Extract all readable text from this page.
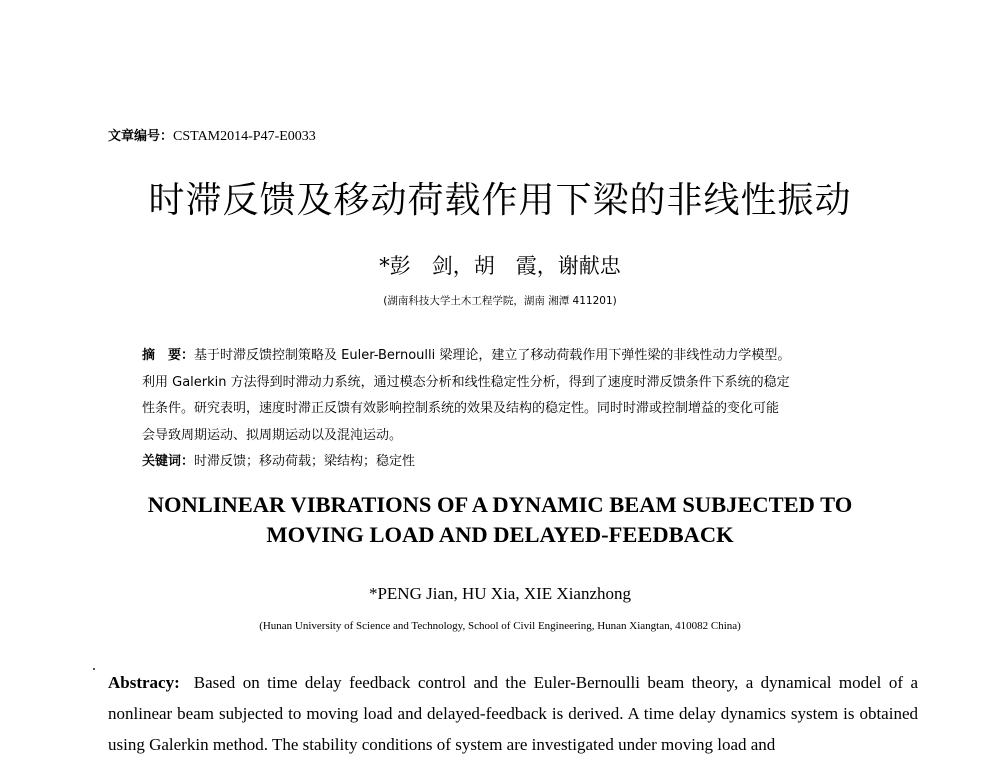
文章编号：CSTAM2014-P47-E0033
时滞反馈及移动荷载作用下梁的非线性振动
*彭　剑，胡　霞，谢献忠
(湖南科技大学土木工程学院，湖南 湘潭 411201)
摘　要：基于时滞反馈控制策略及 Euler-Bernoulli 梁理论，建立了移动荷载作用下弹性梁的非线性动力学模型。
利用 Galerkin 方法得到时滞动力系统，通过模态分析和线性稳定性分析，得到了速度时滞反馈条件下系统的稳定
性条件。研究表明，速度时滞正反馈有效影响控制系统的效果及结构的稳定性。同时时滞或控制增益的变化可能
会导致周期运动、拟周期运动以及混沌运动。
关键词：时滞反馈；移动荷载；梁结构；稳定性
NONLINEAR VIBRATIONS OF A DYNAMIC BEAM SUBJECTED TO
MOVING LOAD AND DELAYED-FEEDBACK
*PENG Jian, HU Xia, XIE Xianzhong
(Hunan University of Science and Technology, School of Civil Engineering, Hunan Xiangtan, 410082 China)
Abstracy: Based on time delay feedback control and the Euler-Bernoulli beam theory, a dynamical model of a nonlinear beam subjected to moving load and delayed-feedback is derived. A time delay dynamics system is obtained using Galerkin method. The stability conditions of system are investigated under moving load and
